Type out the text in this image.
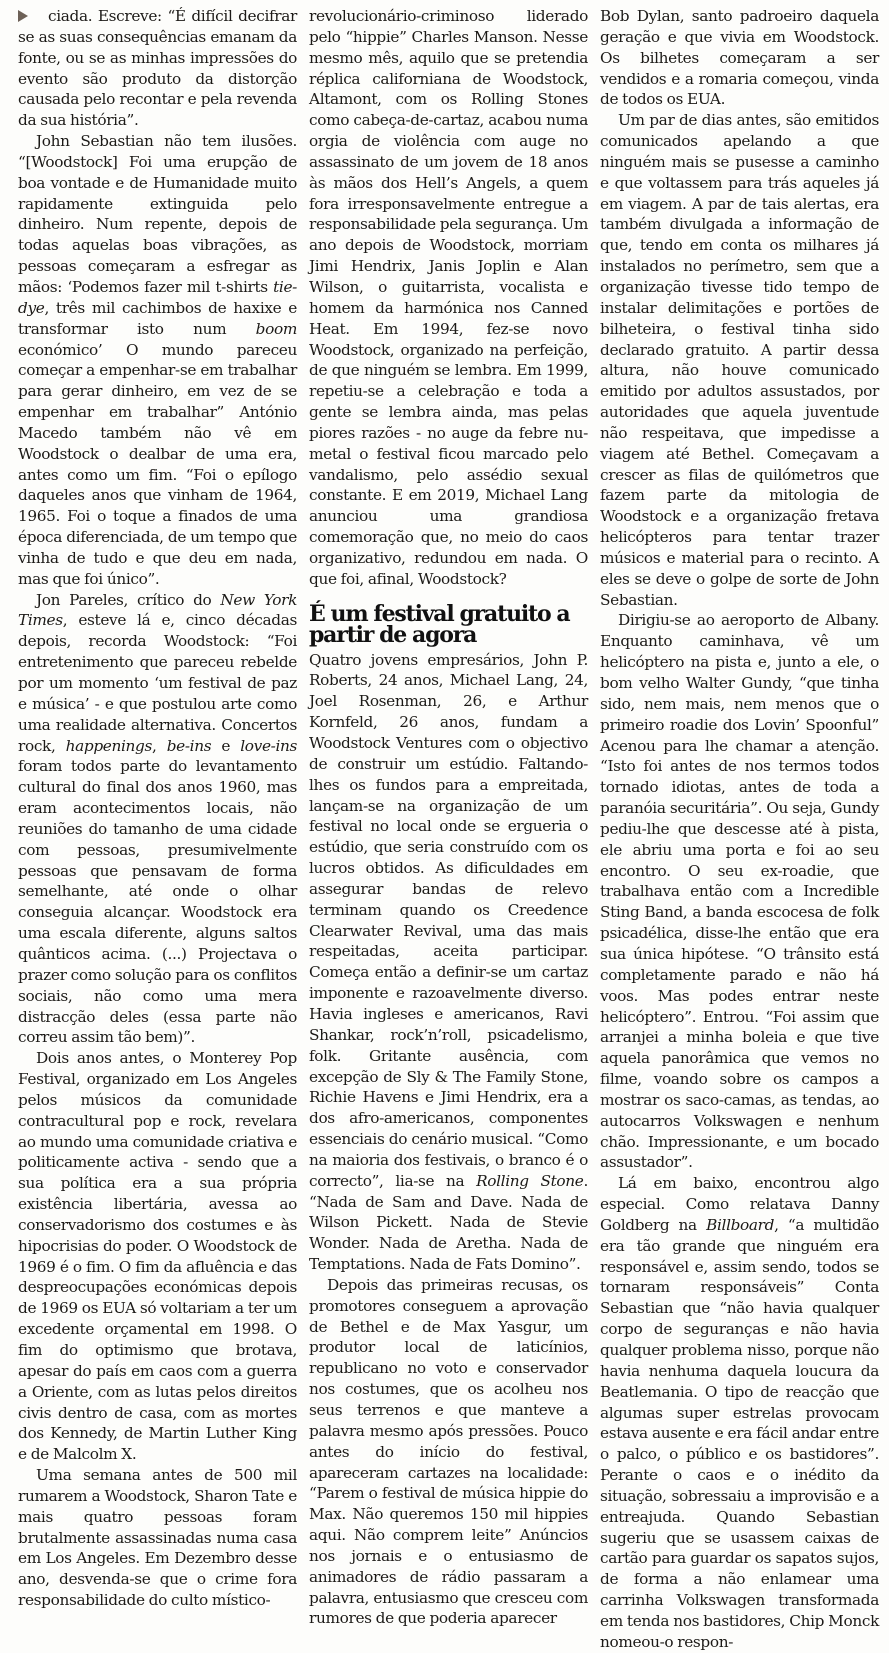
ciada. Escreve: “É difícil decifrar se as suas consequências emanam da fonte, ou se as minhas impressões do evento são produto da distorção causada pelo recontar e pela revenda da sua história”.

John Sebastian não tem ilusões. “[Woodstock] Foi uma erupção de boa vontade e de Humanidade muito rapidamente extinguida pelo dinheiro. Num repente, depois de todas aquelas boas vibrações, as pessoas começaram a esfregar as mãos: ‘Podemos fazer mil t-shirts tie-dye, três mil cachimbos de haxixe e transformar isto num boom económico’ O mundo pareceu começar a empenhar-se em trabalhar para gerar dinheiro, em vez de se empenhar em trabalhar” António Macedo também não vê em Woodstock o dealbar de uma era, antes como um fim. “Foi o epílogo daqueles anos que vinham de 1964, 1965. Foi o toque a finados de uma época diferenciada, de um tempo que vinha de tudo e que deu em nada, mas que foi único”.

Jon Pareles, crítico do New York Times, esteve lá e, cinco décadas depois, recorda Woodstock: “Foi entretenimento que pareceu rebelde por um momento ‘um festival de paz e música’ - e que postulou arte como uma realidade alternativa. Concertos rock, happenings, be-ins e love-ins foram todos parte do levantamento cultural do final dos anos 1960, mas eram acontecimentos locais, não reuniões do tamanho de uma cidade com pessoas, presumivelmente pessoas que pensavam de forma semelhante, até onde o olhar conseguia alcançar. Woodstock era uma escala diferente, alguns saltos quânticos acima. (...) Projectava o prazer como solução para os conflitos sociais, não como uma mera distracção deles (essa parte não correu assim tão bem)”.

Dois anos antes, o Monterey Pop Festival, organizado em Los Angeles pelos músicos da comunidade contracultural pop e rock, revelara ao mundo uma comunidade criativa e politicamente activa - sendo que a sua política era a sua própria existência libertária, avessa ao conservadorismo dos costumes e às hipocrisias do poder. O Woodstock de 1969 é o fim. O fim da afluência e das despreocupações económicas depois de 1969 os EUA só voltariam a ter um excedente orçamental em 1998. O fim do optimismo que brotava, apesar do país em caos com a guerra a Oriente, com as lutas pelos direitos civis dentro de casa, com as mortes dos Kennedy, de Martin Luther King e de Malcolm X.

Uma semana antes de 500 mil rumarem a Woodstock, Sharon Tate e mais quatro pessoas foram brutalmente assassinadas numa casa em Los Angeles. Em Dezembro desse ano, desvenda-se que o crime fora responsabilidade do culto místico-

revolucionário-criminoso liderado pelo “hippie” Charles Manson. Nesse mesmo mês, aquilo que se pretendia réplica californiana de Woodstock, Altamont, com os Rolling Stones como cabeça-de-cartaz, acabou numa orgia de violência com auge no assassinato de um jovem de 18 anos às mãos dos Hell’s Angels, a quem fora irresponsavelmente entregue a responsabilidade pela segurança. Um ano depois de Woodstock, morriam Jimi Hendrix, Janis Joplin e Alan Wilson, o guitarrista, vocalista e homem da harmónica nos Canned Heat. Em 1994, fez-se novo Woodstock, organizado na perfeição, de que ninguém se lembra. Em 1999, repetiu-se a celebração e toda a gente se lembra ainda, mas pelas piores razões - no auge da febre nu-metal o festival ficou marcado pelo vandalismo, pelo assédio sexual constante. E em 2019, Michael Lang anunciou uma grandiosa comemoração que, no meio do caos organizativo, redundou em nada. O que foi, afinal, Woodstock?

É um festival gratuito a partir de agora

Quatro jovens empresários, John P. Roberts, 24 anos, Michael Lang, 24, Joel Rosenman, 26, e Arthur Kornfeld, 26 anos, fundam a Woodstock Ventures com o objectivo de construir um estúdio. Faltando-lhes os fundos para a empreitada, lançam-se na organização de um festival no local onde se ergueria o estúdio, que seria construído com os lucros obtidos. As dificuldades em assegurar bandas de relevo terminam quando os Creedence Clearwater Revival, uma das mais respeitadas, aceita participar. Começa então a definir-se um cartaz imponente e razoavelmente diverso. Havia ingleses e americanos, Ravi Shankar, rock’n’roll, psicadelismo, folk. Gritante ausência, com excepção de Sly & The Family Stone, Richie Havens e Jimi Hendrix, era a dos afro-americanos, componentes essenciais do cenário musical. “Como na maioria dos festivais, o branco é o correcto”, lia-se na Rolling Stone. “Nada de Sam and Dave. Nada de Wilson Pickett. Nada de Stevie Wonder. Nada de Aretha. Nada de Temptations. Nada de Fats Domino”.

Depois das primeiras recusas, os promotores conseguem a aprovação de Bethel e de Max Yasgur, um produtor local de laticínios, republicano no voto e conservador nos costumes, que os acolheu nos seus terrenos e que manteve a palavra mesmo após pressões. Pouco antes do início do festival, apareceram cartazes na localidade: “Parem o festival de música hippie do Max. Não queremos 150 mil hippies aqui. Não comprem leite” Anúncios nos jornais e o entusiasmo de animadores de rádio passaram a palavra, entusiasmo que cresceu com rumores de que poderia aparecer

Bob Dylan, santo padroeiro daquela geração e que vivia em Woodstock. Os bilhetes começaram a ser vendidos e a romaria começou, vinda de todos os EUA.

Um par de dias antes, são emitidos comunicados apelando a que ninguém mais se pusesse a caminho e que voltassem para trás aqueles já em viagem. A par de tais alertas, era também divulgada a informação de que, tendo em conta os milhares já instalados no perímetro, sem que a organização tivesse tido tempo de instalar delimitações e portões de bilheteira, o festival tinha sido declarado gratuito. A partir dessa altura, não houve comunicado emitido por adultos assustados, por autoridades que aquela juventude não respeitava, que impedisse a viagem até Bethel. Começavam a crescer as filas de quilómetros que fazem parte da mitologia de Woodstock e a organização fretava helicópteros para tentar trazer músicos e material para o recinto. A eles se deve o golpe de sorte de John Sebastian.

Dirigiu-se ao aeroporto de Albany. Enquanto caminhava, vê um helicóptero na pista e, junto a ele, o bom velho Walter Gundy, “que tinha sido, nem mais, nem menos que o primeiro roadie dos Lovin’ Spoonful” Acenou para lhe chamar a atenção. “Isto foi antes de nos termos todos tornado idiotas, antes de toda a paranóia securitária”. Ou seja, Gundy pediu-lhe que descesse até à pista, ele abriu uma porta e foi ao seu encontro. O seu ex-roadie, que trabalhava então com a Incredible Sting Band, a banda escocesa de folk psicadélica, disse-lhe então que era sua única hipótese. “O trânsito está completamente parado e não há voos. Mas podes entrar neste helicóptero”. Entrou. “Foi assim que arranjei a minha boleia e que tive aquela panorâmica que vemos no filme, voando sobre os campos a mostrar os saco-camas, as tendas, ao autocarros Volkswagen e nenhum chão. Impressionante, e um bocado assustador”.

Lá em baixo, encontrou algo especial. Como relatava Danny Goldberg na Billboard, “a multidão era tão grande que ninguém era responsável e, assim sendo, todos se tornaram responsáveis” Conta Sebastian que “não havia qualquer corpo de seguranças e não havia qualquer problema nisso, porque não havia nenhuma daquela loucura da Beatlemania. O tipo de reacção que algumas super estrelas provocam estava ausente e era fácil andar entre o palco, o público e os bastidores”. Perante o caos e o inédito da situação, sobressaiu a improvisão e a entreajuda. Quando Sebastian sugeriu que se usassem caixas de cartão para guardar os sapatos sujos, de forma a não enlamear uma carrinha Volkswagen transformada em tenda nos bastidores, Chip Monck nomeou-o respon-
